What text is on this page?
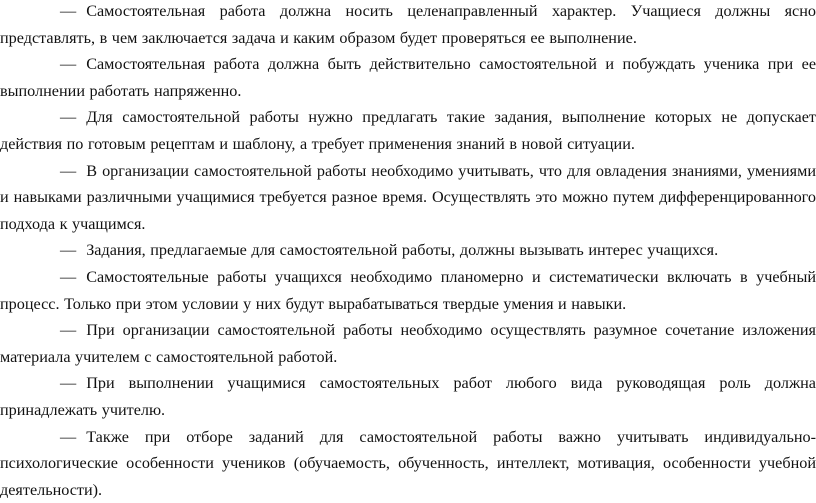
— Самостоятельная работа должна носить целенаправленный характер. Учащиеся должны ясно представлять, в чем заключается задача и каким образом будет проверяться ее выполнение.

— Самостоятельная работа должна быть действительно самостоятельной и побуждать ученика при ее выполнении работать напряженно.

— Для самостоятельной работы нужно предлагать такие задания, выполнение которых не допускает действия по готовым рецептам и шаблону, а требует применения знаний в новой ситуации.

— В организации самостоятельной работы необходимо учитывать, что для овладения знаниями, умениями и навыками различными учащимися требуется разное время. Осуществлять это можно путем дифференцированного подхода к учащимся.

— Задания, предлагаемые для самостоятельной работы, должны вызывать интерес учащихся.

— Самостоятельные работы учащихся необходимо планомерно и систематически включать в учебный процесс. Только при этом условии у них будут вырабатываться твердые умения и навыки.

— При организации самостоятельной работы необходимо осуществлять разумное сочетание изложения материала учителем с самостоятельной работой.

— При выполнении учащимися самостоятельных работ любого вида руководящая роль должна принадлежать учителю.

— Также при отборе заданий для самостоятельной работы важно учитывать индивидуально-психологические особенности учеников (обучаемость, обученность, интеллект, мотивация, особенности учебной деятельности).
